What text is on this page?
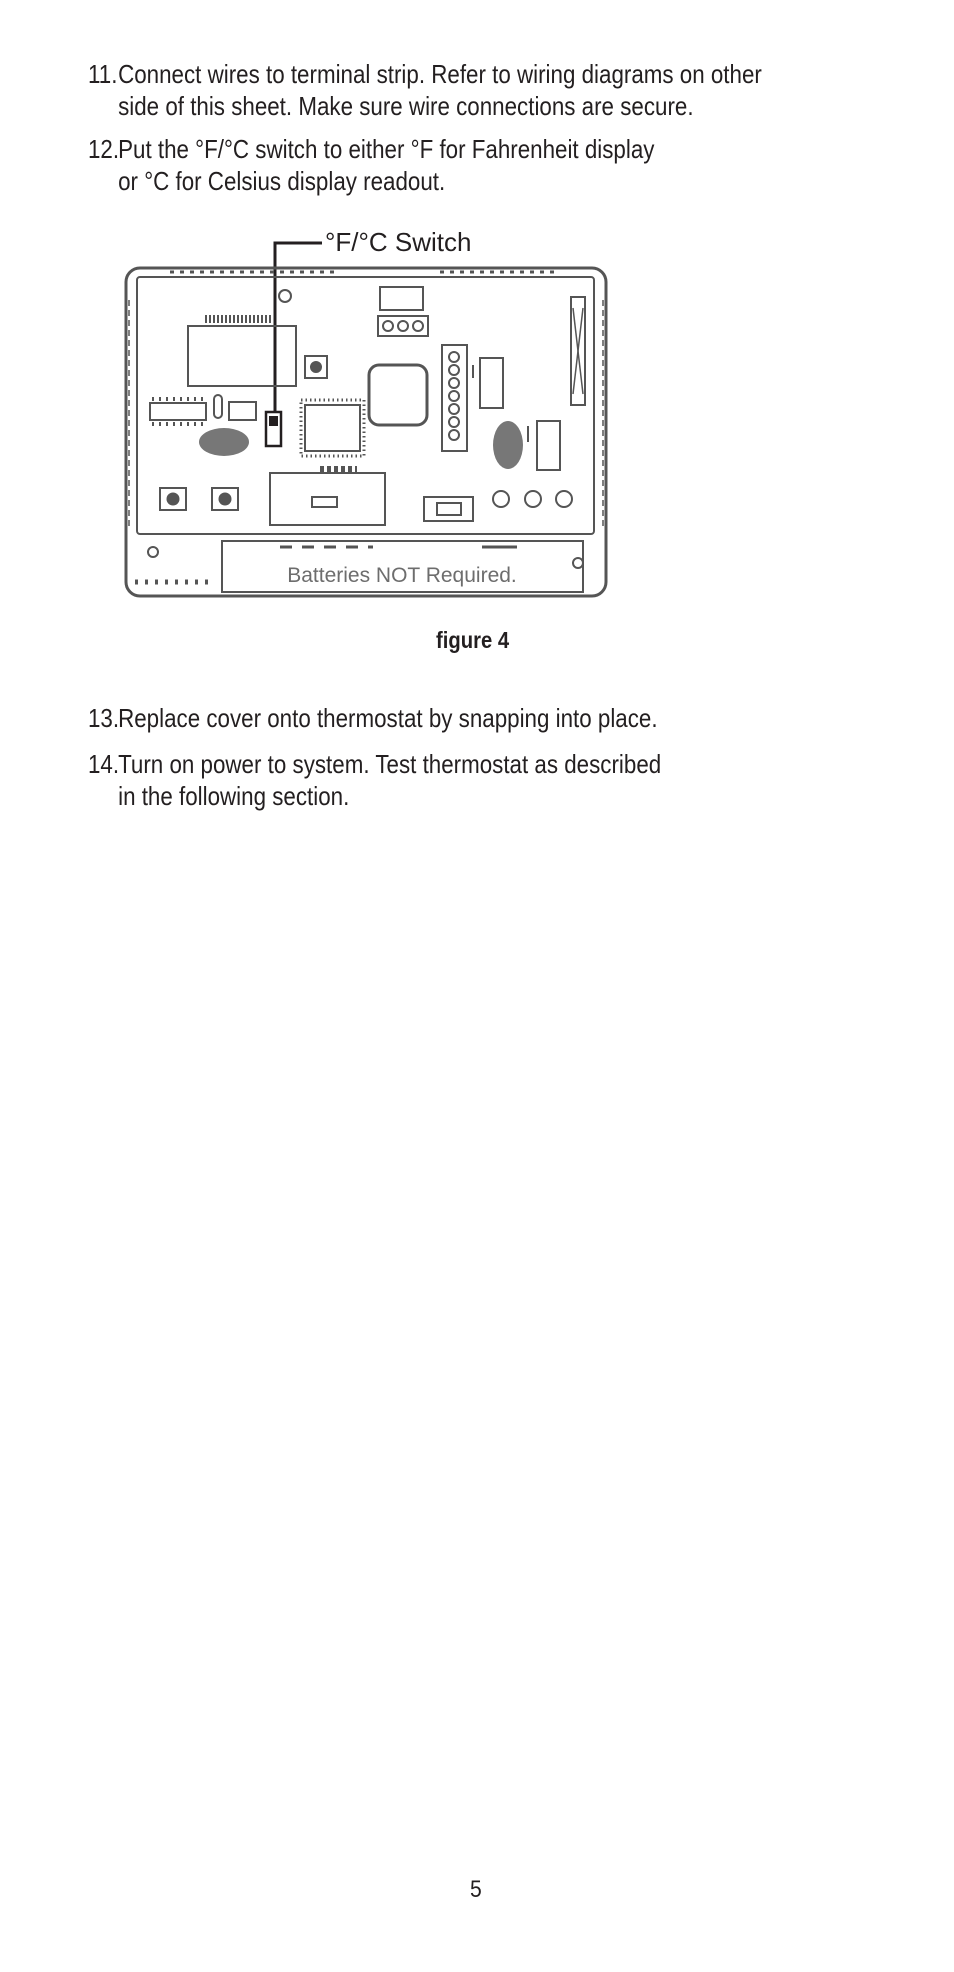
11. Connect wires to terminal strip. Refer to wiring diagrams on other
side of this sheet. Make sure wire connections are secure.
12. Put the °F/°C switch to either °F for Fahrenheit display
or °C for Celsius display readout.
°F/°C Switch
Batteries NOT Required.
figure 4
13. Replace cover onto thermostat by snapping into place.
14. Turn on power to system. Test thermostat as described
in the following section.
5
